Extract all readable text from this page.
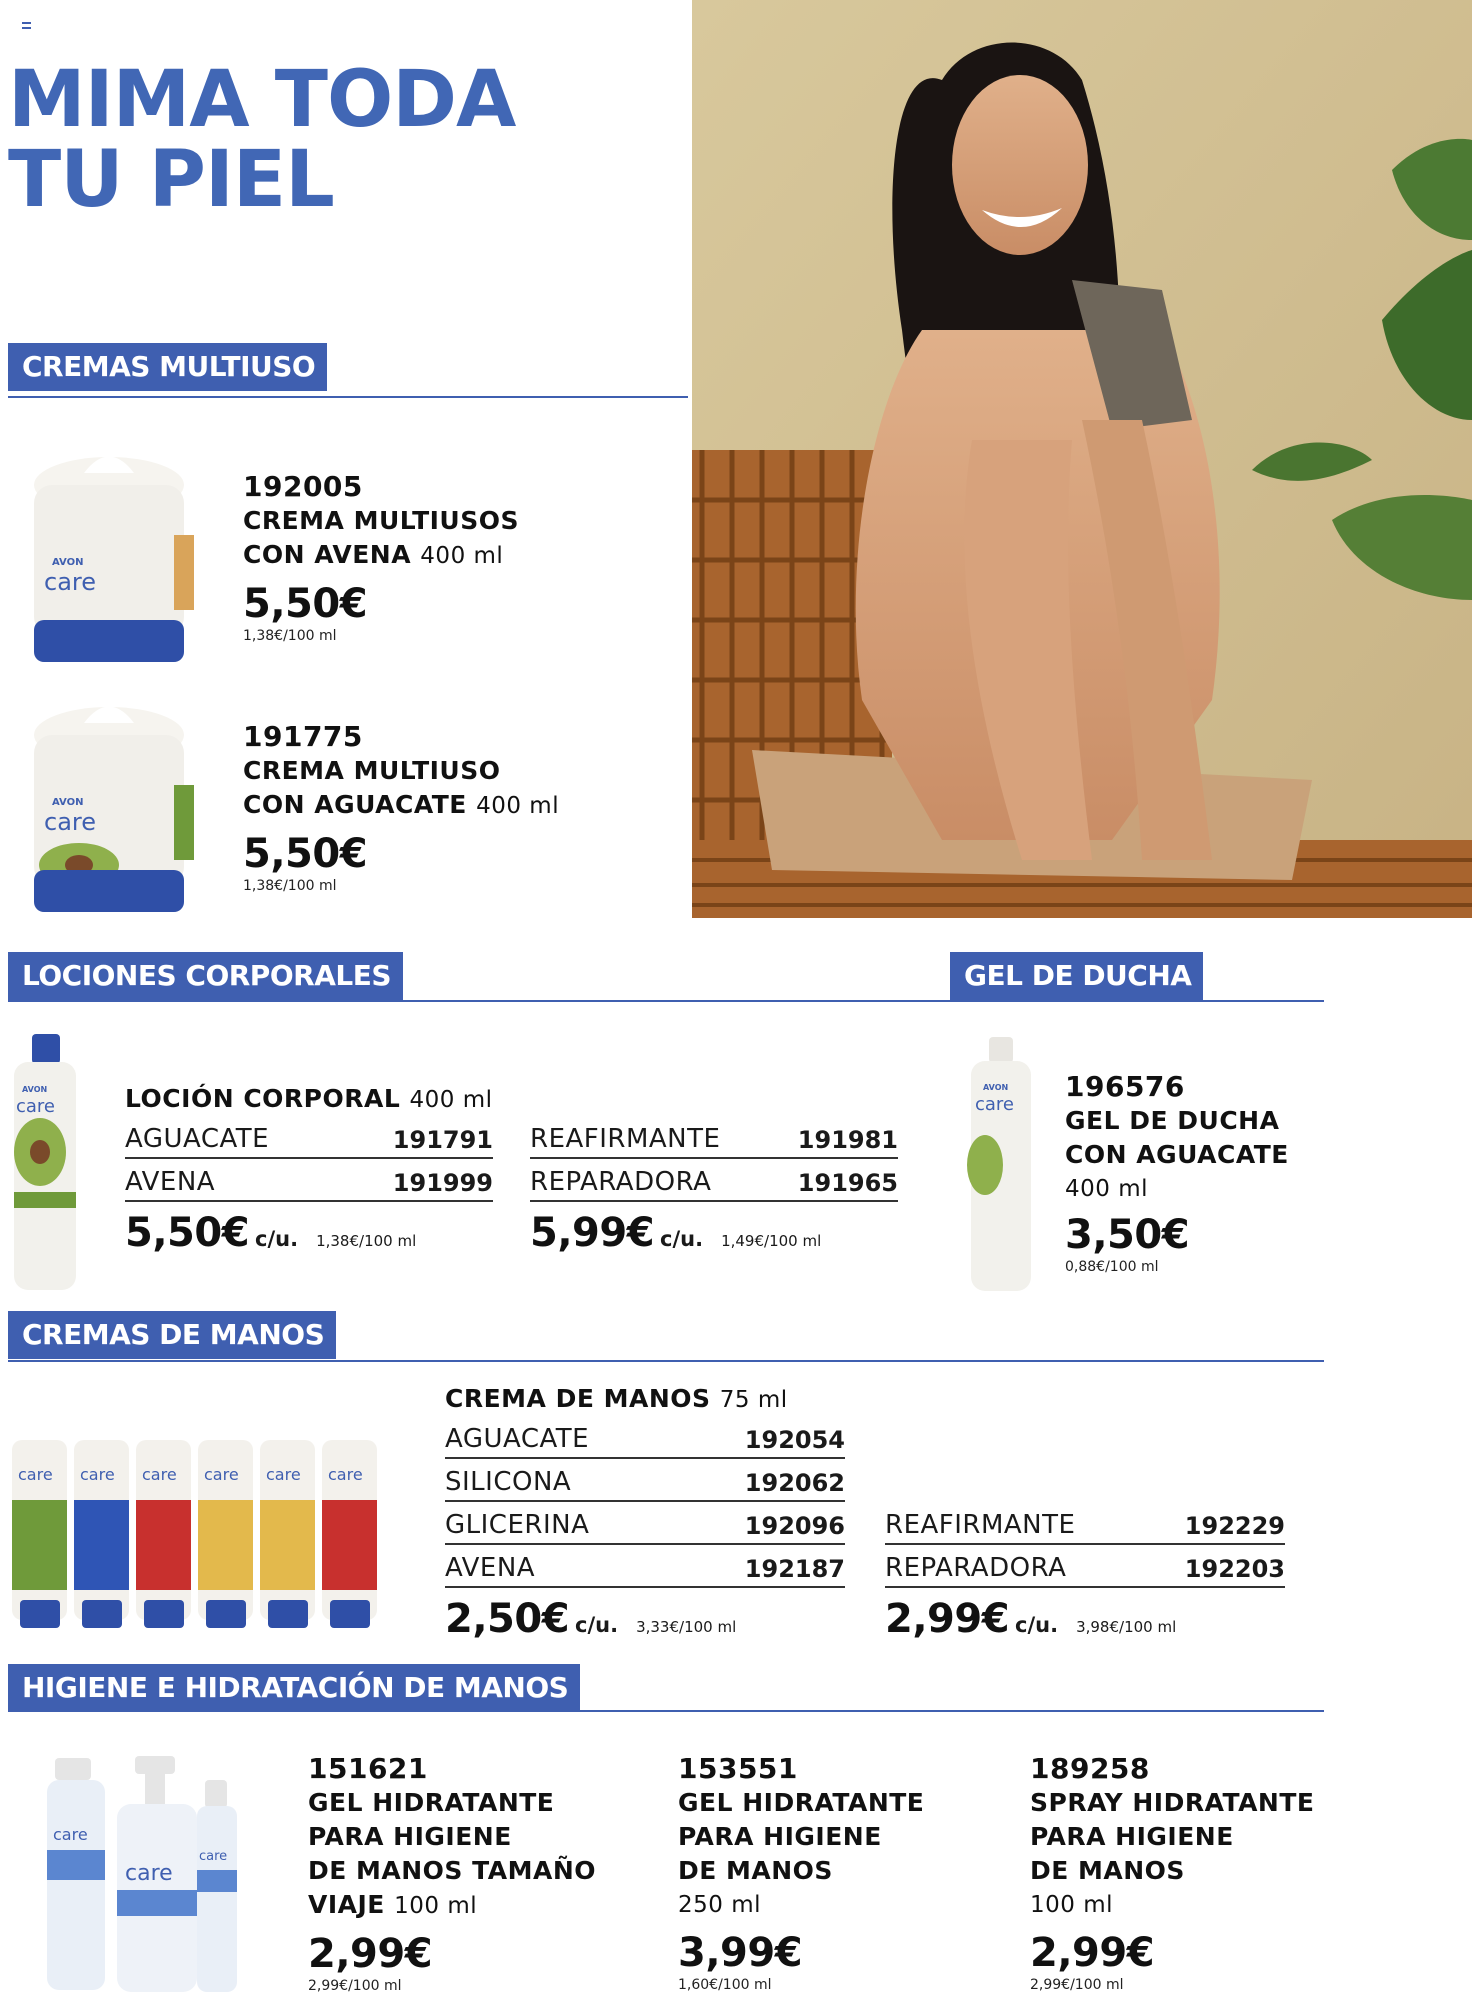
MIMA TODA
TU PIEL
CREMAS MULTIUSO
AVON
care
192005
CREMA MULTIUSOS
CON AVENA 400 ml
5,50€
1,38€/100 ml
AVON
care
191775
CREMA MULTIUSO
CON AGUACATE 400 ml
5,50€
1,38€/100 ml
LOCIONES CORPORALES	GEL DE DUCHA
AVON
care	LOCIÓN CORPORAL 400 ml
AGUACATE	191791
AVENA	191999
5,50€ c/u. 1,38€/100 ml
REAFIRMANTE	191981
REPARADORA	191965
5,99€ c/u. 1,49€/100 ml
AVON
care
196576
GEL DE DUCHA
CON AGUACATE
400 ml
3,50€
0,88€/100 ml
CREMAS DE MANOS
care care care care care care
CREMA DE MANOS 75 ml
AGUACATE	192054
SILICONA	192062
GLICERINA	192096
AVENA	192187
2,50€ c/u. 3,33€/100 ml
REAFIRMANTE	192229
REPARADORA	192203
2,99€ c/u. 3,98€/100 ml
HIGIENE E HIDRATACIÓN DE MANOS
care
care
care
151621
GEL HIDRATANTE
PARA HIGIENE
DE MANOS TAMAÑO
VIAJE 100 ml
2,99€
2,99€/100 ml
153551
GEL HIDRATANTE
PARA HIGIENE
DE MANOS
250 ml
3,99€
1,60€/100 ml
189258
SPRAY HIDRATANTE
PARA HIGIENE
DE MANOS
100 ml
2,99€
2,99€/100 ml
